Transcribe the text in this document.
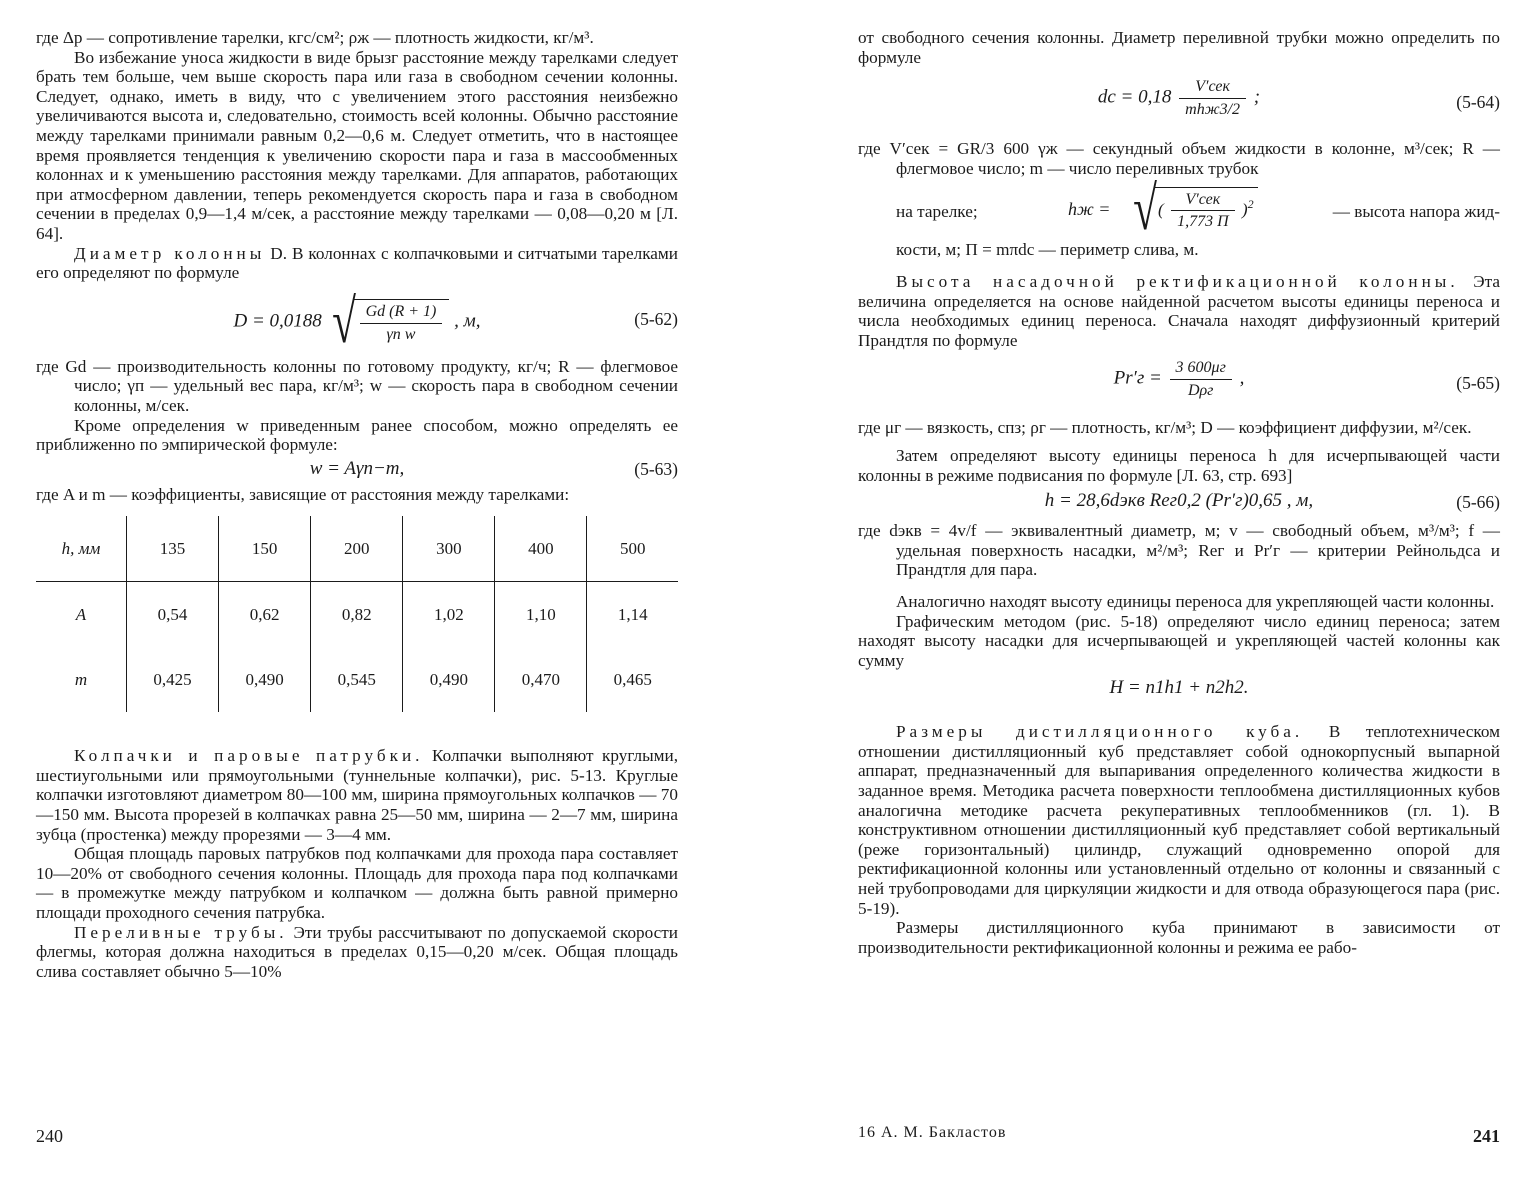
где Δp — сопротивление тарелки, кгс/см²; ρж — плотность жидкости, кг/м³.

Во избежание уноса жидкости в виде брызг расстояние между тарелками следует брать тем больше, чем выше скорость пара или газа в свободном сечении колонны. Следует, однако, иметь в виду, что с увеличением этого расстояния неизбежно увеличиваются высота и, следовательно, стоимость всей колонны. Обычно расстояние между тарелками принимали равным 0,2—0,6 м. Следует отметить, что в настоящее время проявляется тенденция к увеличению скорости пара и газа в массообменных колоннах и к уменьшению расстояния между тарелками. Для аппаратов, работающих при атмосферном давлении, теперь рекомендуется скорость пара и газа в свободном сечении в пределах 0,9—1,4 м/сек, а расстояние между тарелками — 0,08—0,20 м [Л. 64].

Диаметр колонны D. В колоннах с колпачковыми и ситчатыми тарелками его определяют по формуле

D = 0,0188 √ $\frac{Gd (R + 1)}{\text{γп w}}$ , м,	(5-62)

где Gd — производительность колонны по готовому продукту, кг/ч; R — флегмовое число; γп — удельный вес пара, кг/м³; w — скорость пара в свободном сечении колонны, м/сек.

Кроме определения w приведенным ранее способом, можно определять ее приближенно по эмпирической формуле:

w = Aγп−m,	(5-63)

где A и m — коэффициенты, зависящие от расстояния между тарелками:

h, мм	135	150	200	300	400	500
A	0,54	0,62	0,82	1,02	1,10	1,14
m	0,425	0,490	0,545	0,490	0,470	0,465

Колпачки и паровые патрубки. Колпачки выполняют круглыми, шестиугольными или прямоугольными (туннельные колпачки), рис. 5-13. Круглые колпачки изготовляют диаметром 80—100 мм, ширина прямоугольных колпачков — 70—150 мм. Высота прорезей в колпачках равна 25—50 мм, ширина — 2—7 мм, ширина зубца (простенка) между прорезями — 3—4 мм.

Общая площадь паровых патрубков под колпачками для прохода пара составляет 10—20% от свободного сечения колонны. Площадь для прохода пара под колпачками — в промежутке между патрубком и колпачком — должна быть равной примерно площади проходного сечения патрубка.

Переливные трубы. Эти трубы рассчитывают по допускаемой скорости флегмы, которая должна находиться в пределах 0,15—0,20 м/сек. Общая площадь слива составляет обычно 5—10%

240

от свободного сечения колонны. Диаметр переливной трубки можно определить по формуле

dc = $0,18 \frac{\text{V′сек}}{\text{mhж3/2}}$ ;	(5-64)

где V′сек = GR/3 600 γж — секундный объем жидкости в колонне, м³/сек; R — флегмовое число; m — число переливных трубок

на тарелке;	hж = √( $\frac{\text{V′сек}}{1,773 П} )^2$	— высота напора жид-

кости, м; П = mπdc — периметр слива, м.

Высота насадочной ректификационной колонны. Эта величина определяется на основе найденной расчетом высоты единицы переноса и числа необходимых единиц переноса. Сначала находят диффузионный критерий Прандтля по формуле

$Pr'г = \frac{3 600\mu г}{\text{Dρг}}$ ,	(5-65)

где μг — вязкость, спз; ρг — плотность, кг/м³; D — коэффициент диффузии, м²/сек.

Затем определяют высоту единицы переноса h для исчерпывающей части колонны в режиме подвисания по формуле [Л. 63, стр. 693]

h = 28,6dэкв Reг0,2 (Pr′г)0,65 , м,	(5-66)

где dэкв = 4v/f — эквивалентный диаметр, м; v — свободный объем, м³/м³; f — удельная поверхность насадки, м²/м³; Reг и Pr′г — критерии Рейнольдса и Прандтля для пара.

Аналогично находят высоту единицы переноса для укрепляющей части колонны.

Графическим методом (рис. 5-18) определяют число единиц переноса; затем находят высоту насадки для исчерпывающей и укрепляющей частей колонны как сумму

H = n1h1 + n2h2.

Размеры дистилляционного куба. В теплотехническом отношении дистилляционный куб представляет собой однокорпусный выпарной аппарат, предназначенный для выпаривания определенного количества жидкости в заданное время. Методика расчета поверхности теплообмена дистилляционных кубов аналогична методике расчета рекуперативных теплообменников (гл. 1). В конструктивном отношении дистилляционный куб представляет собой вертикальный (реже горизонтальный) цилиндр, служащий одновременно опорой для ректификационной колонны или установленный отдельно от колонны и связанный с ней трубопроводами для циркуляции жидкости и для отвода образующегося пара (рис. 5-19).

Размеры дистилляционного куба принимают в зависимости от производительности ректификационной колонны и режима ее рабо-

16 А. М. Бакластов	241
